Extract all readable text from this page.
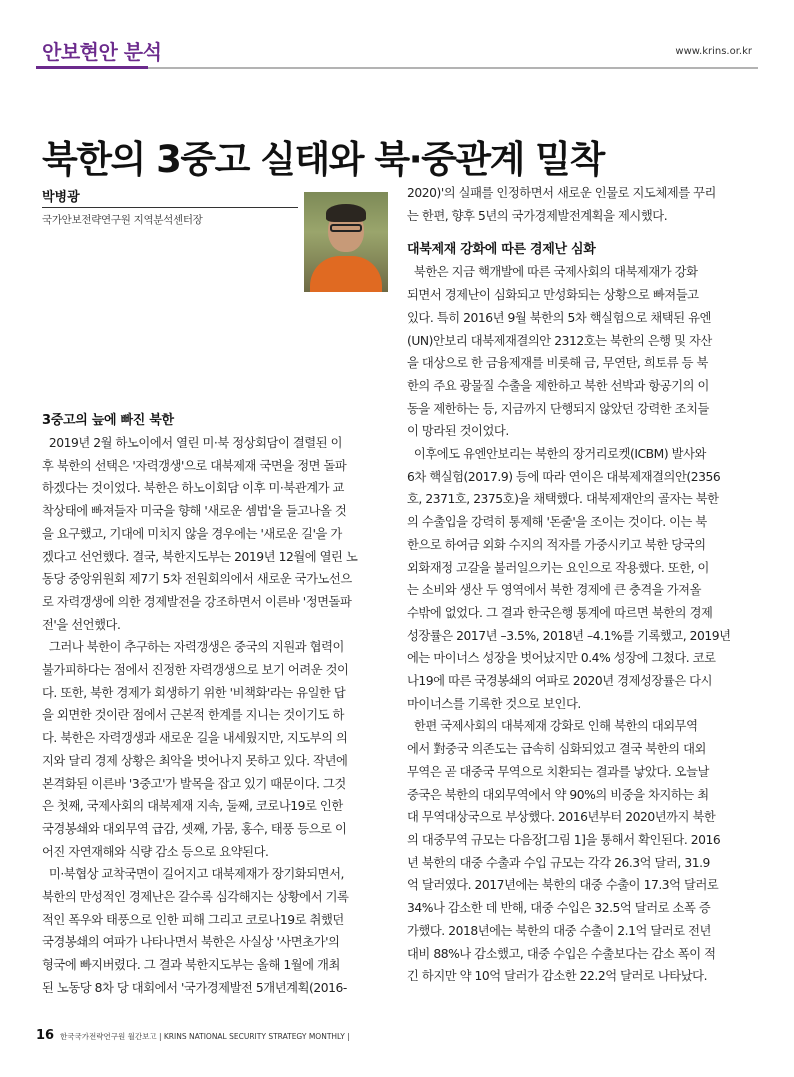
안보현안 분석	www.krins.or.kr
북한의 3중고 실태와 북·중관계 밀착
박병광
국가안보전략연구원 지역분석센터장
3중고의 늪에 빠진 북한

2019년 2월 하노이에서 열린 미·북 정상회담이 결렬된 이

후 북한의 선택은 '자력갱생'으로 대북제재 국면을 정면 돌파

하겠다는 것이었다. 북한은 하노이회담 이후 미·북관계가 교

착상태에 빠져들자 미국을 향해 '새로운 셈법'을 들고나올 것

을 요구했고, 기대에 미치지 않을 경우에는 '새로운 길'을 가

겠다고 선언했다. 결국, 북한지도부는 2019년 12월에 열린 노

동당 중앙위원회 제7기 5차 전원회의에서 새로운 국가노선으

로 자력갱생에 의한 경제발전을 강조하면서 이른바 '정면돌파

전'을 선언했다.

그러나 북한이 추구하는 자력갱생은 중국의 지원과 협력이

불가피하다는 점에서 진정한 자력갱생으로 보기 어려운 것이

다. 또한, 북한 경제가 회생하기 위한 '비책화'라는 유일한 답

을 외면한 것이란 점에서 근본적 한계를 지니는 것이기도 하

다. 북한은 자력갱생과 새로운 길을 내세웠지만, 지도부의 의

지와 달리 경제 상황은 최악을 벗어나지 못하고 있다. 작년에

본격화된 이른바 '3중고'가 발목을 잡고 있기 때문이다. 그것

은 첫째, 국제사회의 대북제재 지속, 둘째, 코로나19로 인한

국경봉쇄와 대외무역 급감, 셋째, 가뭄, 홍수, 태풍 등으로 이

어진 자연재해와 식량 감소 등으로 요약된다.

미·북협상 교착국면이 길어지고 대북제재가 장기화되면서,

북한의 만성적인 경제난은 갈수록 심각해지는 상황에서 기록

적인 폭우와 태풍으로 인한 피해 그리고 코로나19로 취했던

국경봉쇄의 여파가 나타나면서 북한은 사실상 '사면초가'의

형국에 빠지버렸다. 그 결과 북한지도부는 올해 1월에 개최

된 노동당 8차 당 대회에서 '국가경제발전 5개년계획(2016-

2020)'의 실패를 인정하면서 새로운 인물로 지도체제를 꾸리

는 한편, 향후 5년의 국가경제발전계획을 제시했다.

대북제재 강화에 따른 경제난 심화

북한은 지금 핵개발에 따른 국제사회의 대북제재가 강화

되면서 경제난이 심화되고 만성화되는 상황으로 빠져들고

있다. 특히 2016년 9월 북한의 5차 핵실험으로 채택된 유엔

(UN)안보리 대북제재결의안 2312호는 북한의 은행 및 자산

을 대상으로 한 금융제재를 비롯해 금, 무연탄, 희토류 등 북

한의 주요 광물질 수출을 제한하고 북한 선박과 항공기의 이

동을 제한하는 등, 지금까지 단행되지 않았던 강력한 조치들

이 망라된 것이었다.

이후에도 유엔안보리는 북한의 장거리로켓(ICBM) 발사와

6차 핵실험(2017.9) 등에 따라 연이은 대북제재결의안(2356

호, 2371호, 2375호)을 채택했다. 대북제재안의 골자는 북한

의 수출입을 강력히 통제해 '돈줄'을 조이는 것이다. 이는 북

한으로 하여금 외화 수지의 적자를 가중시키고 북한 당국의

외화재정 고갈을 불러일으키는 요인으로 작용했다. 또한, 이

는 소비와 생산 두 영역에서 북한 경제에 큰 충격을 가져올

수밖에 없었다. 그 결과 한국은행 통계에 따르면 북한의 경제

성장률은 2017년 –3.5%, 2018년 –4.1%를 기록했고, 2019년

에는 마이너스 성장을 벗어났지만 0.4% 성장에 그쳤다. 코로

나19에 따른 국경봉쇄의 여파로 2020년 경제성장률은 다시

마이너스를 기록한 것으로 보인다.

한편 국제사회의 대북제재 강화로 인해 북한의 대외무역

에서 對중국 의존도는 급속히 심화되었고 결국 북한의 대외

무역은 곧 대중국 무역으로 치환되는 결과를 낳았다. 오늘날

중국은 북한의 대외무역에서 약 90%의 비중을 차지하는 최

대 무역대상국으로 부상했다. 2016년부터 2020년까지 북한

의 대중무역 규모는 다음장[그림 1]을 통해서 확인된다. 2016

년 북한의 대중 수출과 수입 규모는 각각 26.3억 달러, 31.9

억 달러였다. 2017년에는 북한의 대중 수출이 17.3억 달러로

34%나 감소한 데 반해, 대중 수입은 32.5억 달러로 소폭 증

가했다. 2018년에는 북한의 대중 수출이 2.1억 달러로 전년

대비 88%나 감소했고, 대중 수입은 수출보다는 감소 폭이 적

긴 하지만 약 10억 달러가 감소한 22.2억 달러로 나타났다.

16 한국국가전략연구원 월간보고 | KRINS NATIONAL SECURITY STRATEGY MONTHLY |
